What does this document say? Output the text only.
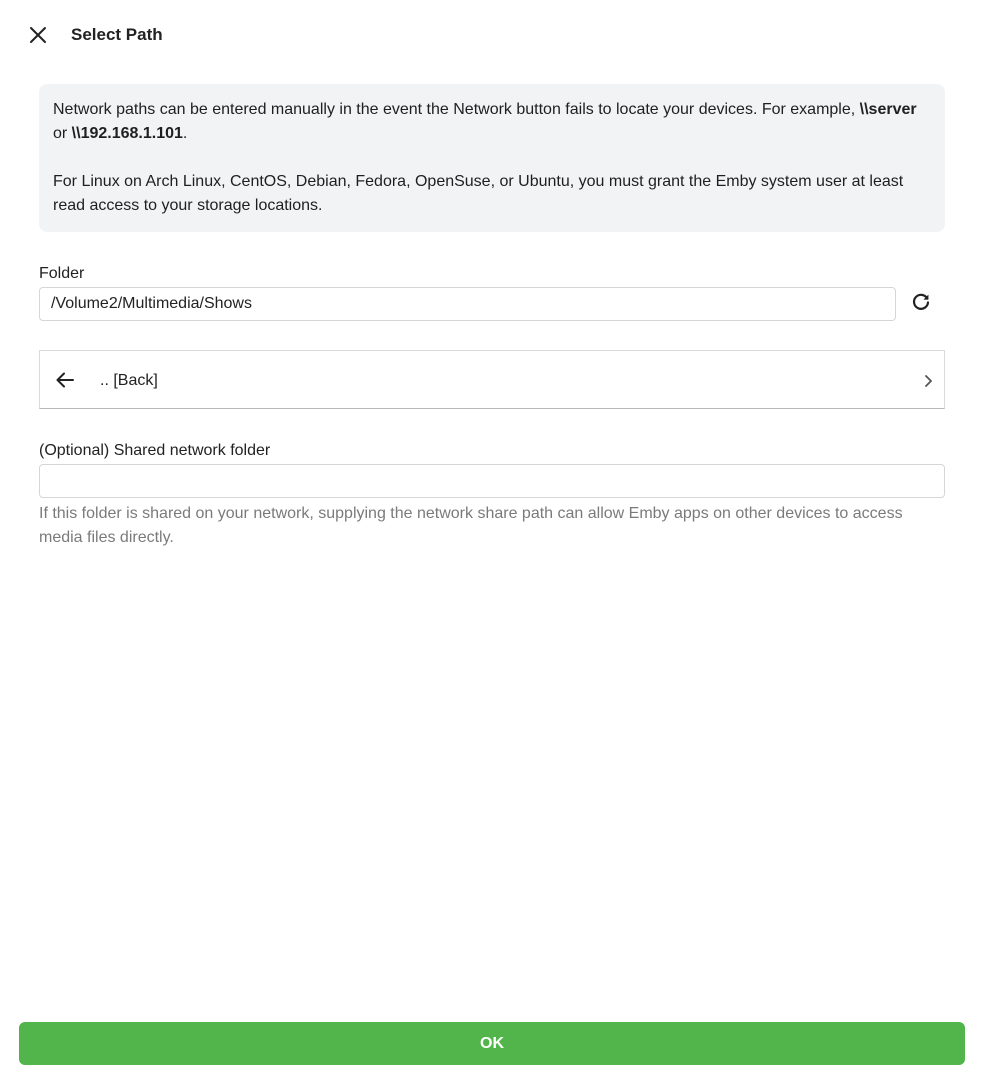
Select Path

Network paths can be entered manually in the event the Network button fails to locate your devices. For example, \\server or \\192.168.1.101.

For Linux on Arch Linux, CentOS, Debian, Fedora, OpenSuse, or Ubuntu, you must grant the Emby system user at least read access to your storage locations.

Folder
/Volume2/Multimedia/Shows
.. [Back]
(Optional) Shared network folder
If this folder is shared on your network, supplying the network share path can allow Emby apps on other devices to access media files directly.
OK
